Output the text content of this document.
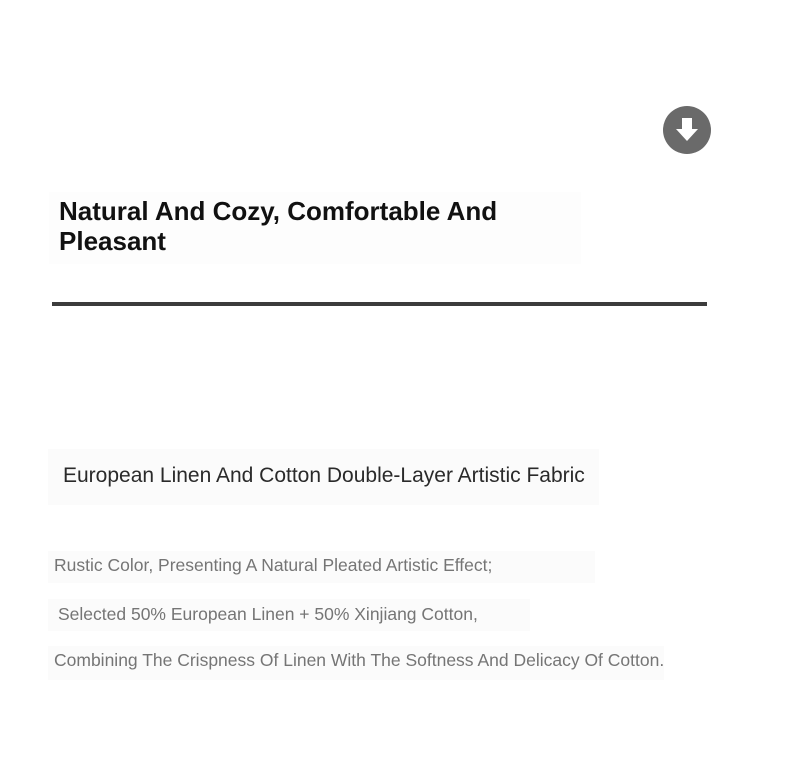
Natural And Cozy, Comfortable And Pleasant
European Linen And Cotton Double-Layer Artistic Fabric

Rustic Color, Presenting A Natural Pleated Artistic Effect;

Selected 50% European Linen + 50% Xinjiang Cotton,

Combining The Crispness Of Linen With The Softness And Delicacy Of Cotton.
